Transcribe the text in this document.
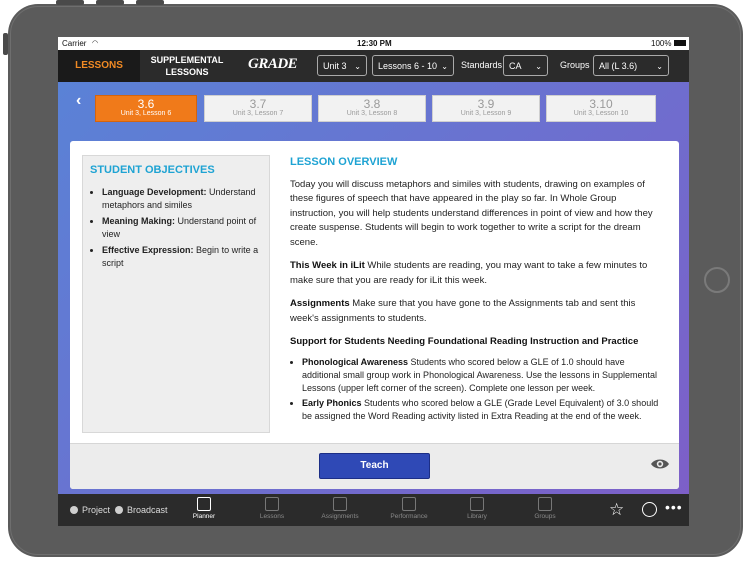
Carrier ◠	12:30 PM	100%
LESSONS	SUPPLEMENTAL
LESSONS	GRADE	Unit 3 ⌄	Lessons 6 - 10 ⌄ Standards CA ⌄ Groups	All (L 3.6) ⌄
‹	3.6
Unit 3, Lesson 6
3.7
Unit 3, Lesson 7
3.8
Unit 3, Lesson 8
3.9
Unit 3, Lesson 9
3.10
Unit 3, Lesson 10
STUDENT OBJECTIVES
• Language Development: Understand metaphors and similes
• Meaning Making: Understand point of view
• Effective Expression: Begin to write a script
LESSON OVERVIEW

Today you will discuss metaphors and similes with students, drawing on examples of these figures of speech that have appeared in the play so far. In Whole Group instruction, you will help students understand differences in point of view and how they create suspense. Students will begin to work together to write a script for the dream scene.

This Week in iLit While students are reading, you may want to take a few minutes to make sure that you are ready for iLit this week.

Assignments Make sure that you have gone to the Assignments tab and sent this week's assignments to students.

Support for Students Needing Foundational Reading Instruction and Practice

• Phonological Awareness Students who scored below a GLE of 1.0 should have additional small group work in Phonological Awareness. Use the lessons in Supplemental Lessons (upper left corner of the screen). Complete one lesson per week.
• Early Phonics Students who scored below a GLE (Grade Level Equivalent) of 3.0 should be assigned the Word Reading activity listed in Extra Reading at the end of the week.
Teach
Project	Broadcast
Planner	Lessons	Assignments	Performance	Library	Groups	☆	•••
